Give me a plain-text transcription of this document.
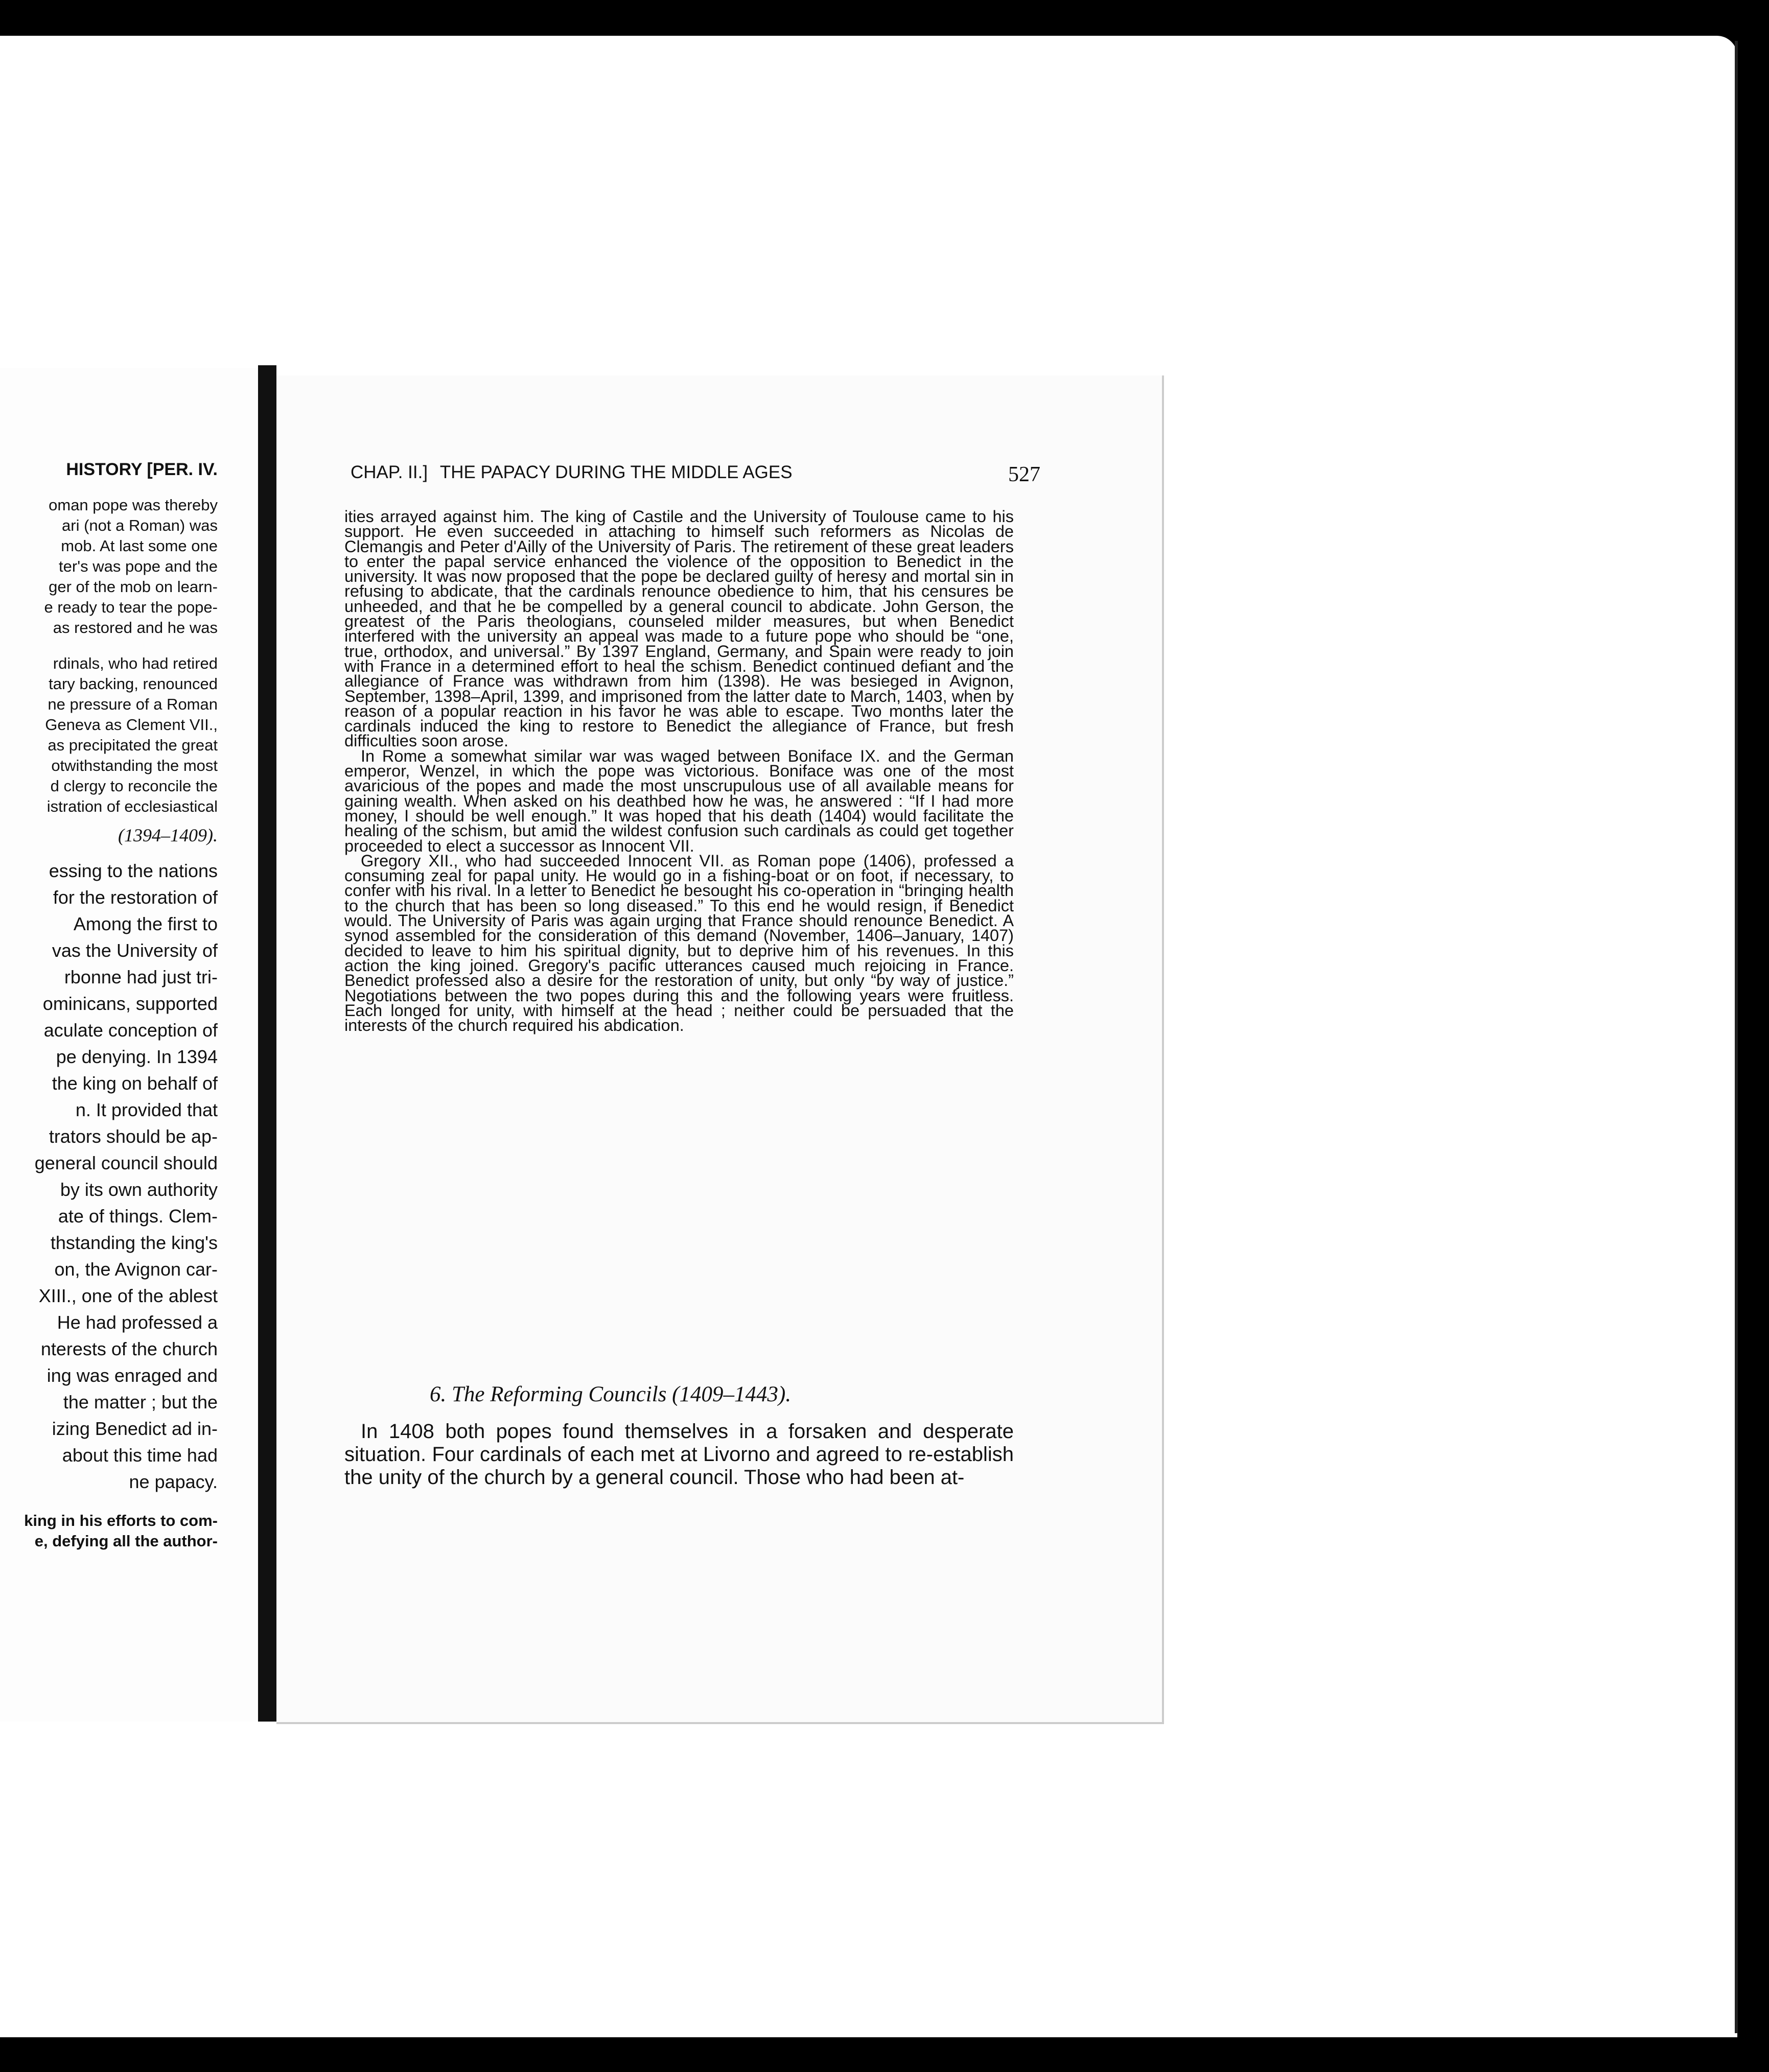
HISTORY [PER. IV.
oman pope was thereby
ari (not a Roman) was
mob. At last some one
ter's was pope and the
ger of the mob on learn-
e ready to tear the pope-
as restored and he was
rdinals, who had retired
tary backing, renounced
ne pressure of a Roman
Geneva as Clement VII.,
as precipitated the great
otwithstanding the most
d clergy to reconcile the
istration of ecclesiastical
(1394–1409).
essing to the nations
for the restoration of
Among the first to
vas the University of
rbonne had just tri-
ominicans, supported
aculate conception of
pe denying. In 1394
the king on behalf of
n. It provided that
trators should be ap-
general council should
by its own authority
ate of things. Clem-
thstanding the king's
on, the Avignon car-
XIII., one of the ablest
He had professed a
nterests of the church
ing was enraged and
the matter ; but the
izing Benedict ad in-
about this time had
ne papacy.
king in his efforts to com-
e, defying all the author-
CHAP. II.] THE PAPACY DURING THE MIDDLE AGES	527

ities arrayed against him. The king of Castile and the University of Toulouse came to his support. He even succeeded in attaching to himself such reformers as Nicolas de Clemangis and Peter d'Ailly of the University of Paris. The retirement of these great leaders to enter the papal service enhanced the violence of the opposition to Benedict in the university. It was now proposed that the pope be declared guilty of heresy and mortal sin in refusing to abdicate, that the cardinals renounce obedience to him, that his censures be unheeded, and that he be compelled by a general council to abdicate. John Gerson, the greatest of the Paris theologians, counseled milder measures, but when Benedict interfered with the university an appeal was made to a future pope who should be “one, true, orthodox, and universal.” By 1397 England, Germany, and Spain were ready to join with France in a determined effort to heal the schism. Benedict continued defiant and the allegiance of France was withdrawn from him (1398). He was besieged in Avignon, September, 1398–April, 1399, and imprisoned from the latter date to March, 1403, when by reason of a popular reaction in his favor he was able to escape. Two months later the cardinals induced the king to restore to Benedict the allegiance of France, but fresh difficulties soon arose.

In Rome a somewhat similar war was waged between Boniface IX. and the German emperor, Wenzel, in which the pope was victorious. Boniface was one of the most avaricious of the popes and made the most unscrupulous use of all available means for gaining wealth. When asked on his deathbed how he was, he answered : “If I had more money, I should be well enough.” It was hoped that his death (1404) would facilitate the healing of the schism, but amid the wildest confusion such cardinals as could get together proceeded to elect a successor as Innocent VII.

Gregory XII., who had succeeded Innocent VII. as Roman pope (1406), professed a consuming zeal for papal unity. He would go in a fishing-boat or on foot, if necessary, to confer with his rival. In a letter to Benedict he besought his co-operation in “bringing health to the church that has been so long diseased.” To this end he would resign, if Benedict would. The University of Paris was again urging that France should renounce Benedict. A synod assembled for the consideration of this demand (November, 1406–January, 1407) decided to leave to him his spiritual dignity, but to deprive him of his revenues. In this action the king joined. Gregory's pacific utterances caused much rejoicing in France. Benedict professed also a desire for the restoration of unity, but only “by way of justice.” Negotiations between the two popes during this and the following years were fruitless. Each longed for unity, with himself at the head ; neither could be persuaded that the interests of the church required his abdication.

6. The Reforming Councils (1409–1443).

In 1408 both popes found themselves in a forsaken and desperate situation. Four cardinals of each met at Livorno and agreed to re-establish the unity of the church by a general council. Those who had been at-
